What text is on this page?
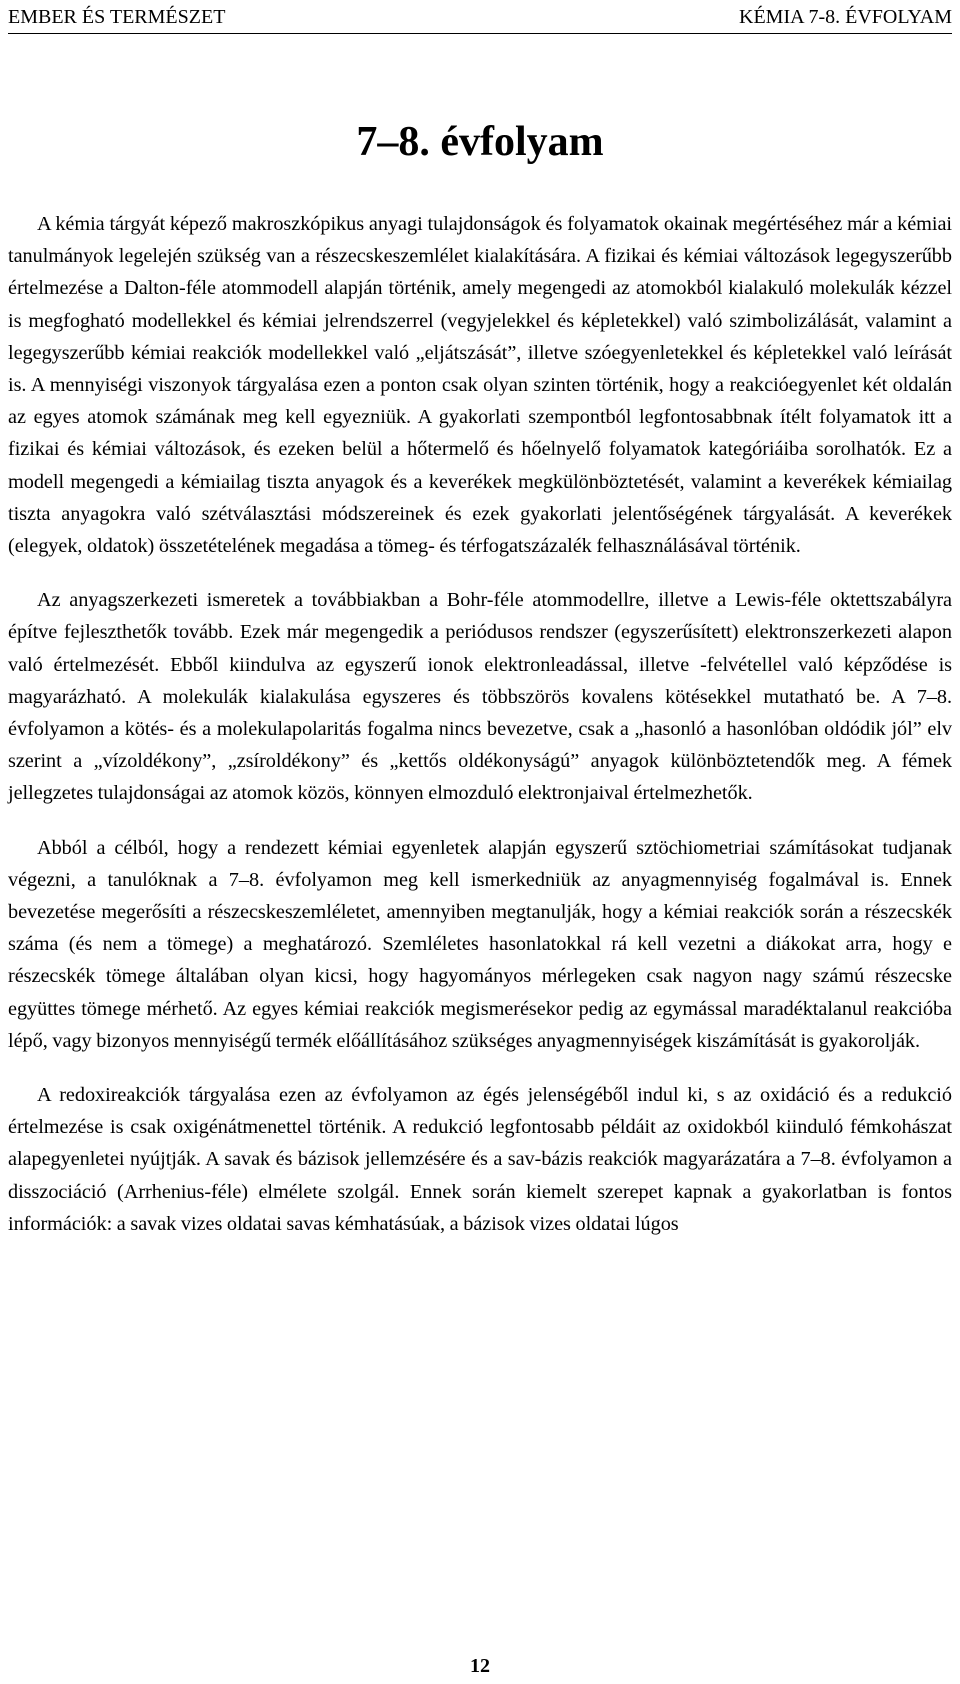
EMBER ÉS TERMÉSZET	KÉMIA 7-8. ÉVFOLYAM
7–8. évfolyam

A kémia tárgyát képező makroszkópikus anyagi tulajdonságok és folyamatok okainak megértéséhez már a kémiai tanulmányok legelején szükség van a részecskeszemlélet kialakítására. A fizikai és kémiai változások legegyszerűbb értelmezése a Dalton-féle atommodell alapján történik, amely megengedi az atomokból kialakuló molekulák kézzel is megfogható modellekkel és kémiai jelrendszerrel (vegyjelekkel és képletekkel) való szimbolizálását, valamint a legegyszerűbb kémiai reakciók modellekkel való „eljátszását”, illetve szóegyenletekkel és képletekkel való leírását is. A mennyiségi viszonyok tárgyalása ezen a ponton csak olyan szinten történik, hogy a reakcióegyenlet két oldalán az egyes atomok számának meg kell egyezniük. A gyakorlati szempontból legfontosabbnak ítélt folyamatok itt a fizikai és kémiai változások, és ezeken belül a hőtermelő és hőelnyelő folyamatok kategóriáiba sorolhatók. Ez a modell megengedi a kémiailag tiszta anyagok és a keverékek megkülönböztetését, valamint a keverékek kémiailag tiszta anyagokra való szétválasztási módszereinek és ezek gyakorlati jelentőségének tárgyalását. A keverékek (elegyek, oldatok) összetételének megadása a tömeg- és térfogatszázalék felhasználásával történik.

Az anyagszerkezeti ismeretek a továbbiakban a Bohr-féle atommodellre, illetve a Lewis-féle oktettszabályra építve fejleszthetők tovább. Ezek már megengedik a periódusos rendszer (egyszerűsített) elektronszerkezeti alapon való értelmezését. Ebből kiindulva az egyszerű ionok elektronleadással, illetve -felvétellel való képződése is magyarázható. A molekulák kialakulása egyszeres és többszörös kovalens kötésekkel mutatható be. A 7–8. évfolyamon a kötés- és a molekulapolaritás fogalma nincs bevezetve, csak a „hasonló a hasonlóban oldódik jól” elv szerint a „vízoldékony”, „zsíroldékony” és „kettős oldékonyságú” anyagok különböztetendők meg. A fémek jellegzetes tulajdonságai az atomok közös, könnyen elmozduló elektronjaival értelmezhetők.

Abból a célból, hogy a rendezett kémiai egyenletek alapján egyszerű sztöchiometriai számításokat tudjanak végezni, a tanulóknak a 7–8. évfolyamon meg kell ismerkedniük az anyagmennyiség fogalmával is. Ennek bevezetése megerősíti a részecskeszemléletet, amennyiben megtanulják, hogy a kémiai reakciók során a részecskék száma (és nem a tömege) a meghatározó. Szemléletes hasonlatokkal rá kell vezetni a diákokat arra, hogy e részecskék tömege általában olyan kicsi, hogy hagyományos mérlegeken csak nagyon nagy számú részecske együttes tömege mérhető. Az egyes kémiai reakciók megismerésekor pedig az egymással maradéktalanul reakcióba lépő, vagy bizonyos mennyiségű termék előállításához szükséges anyagmennyiségek kiszámítását is gyakorolják.

A redoxireakciók tárgyalása ezen az évfolyamon az égés jelenségéből indul ki, s az oxidáció és a redukció értelmezése is csak oxigénátmenettel történik. A redukció legfontosabb példáit az oxidokból kiinduló fémkohászat alapegyenletei nyújtják. A savak és bázisok jellemzésére és a sav-bázis reakciók magyarázatára a 7–8. évfolyamon a disszociáció (Arrhenius-féle) elmélete szolgál. Ennek során kiemelt szerepet kapnak a gyakorlatban is fontos információk: a savak vizes oldatai savas kémhatásúak, a bázisok vizes oldatai lúgos

12
